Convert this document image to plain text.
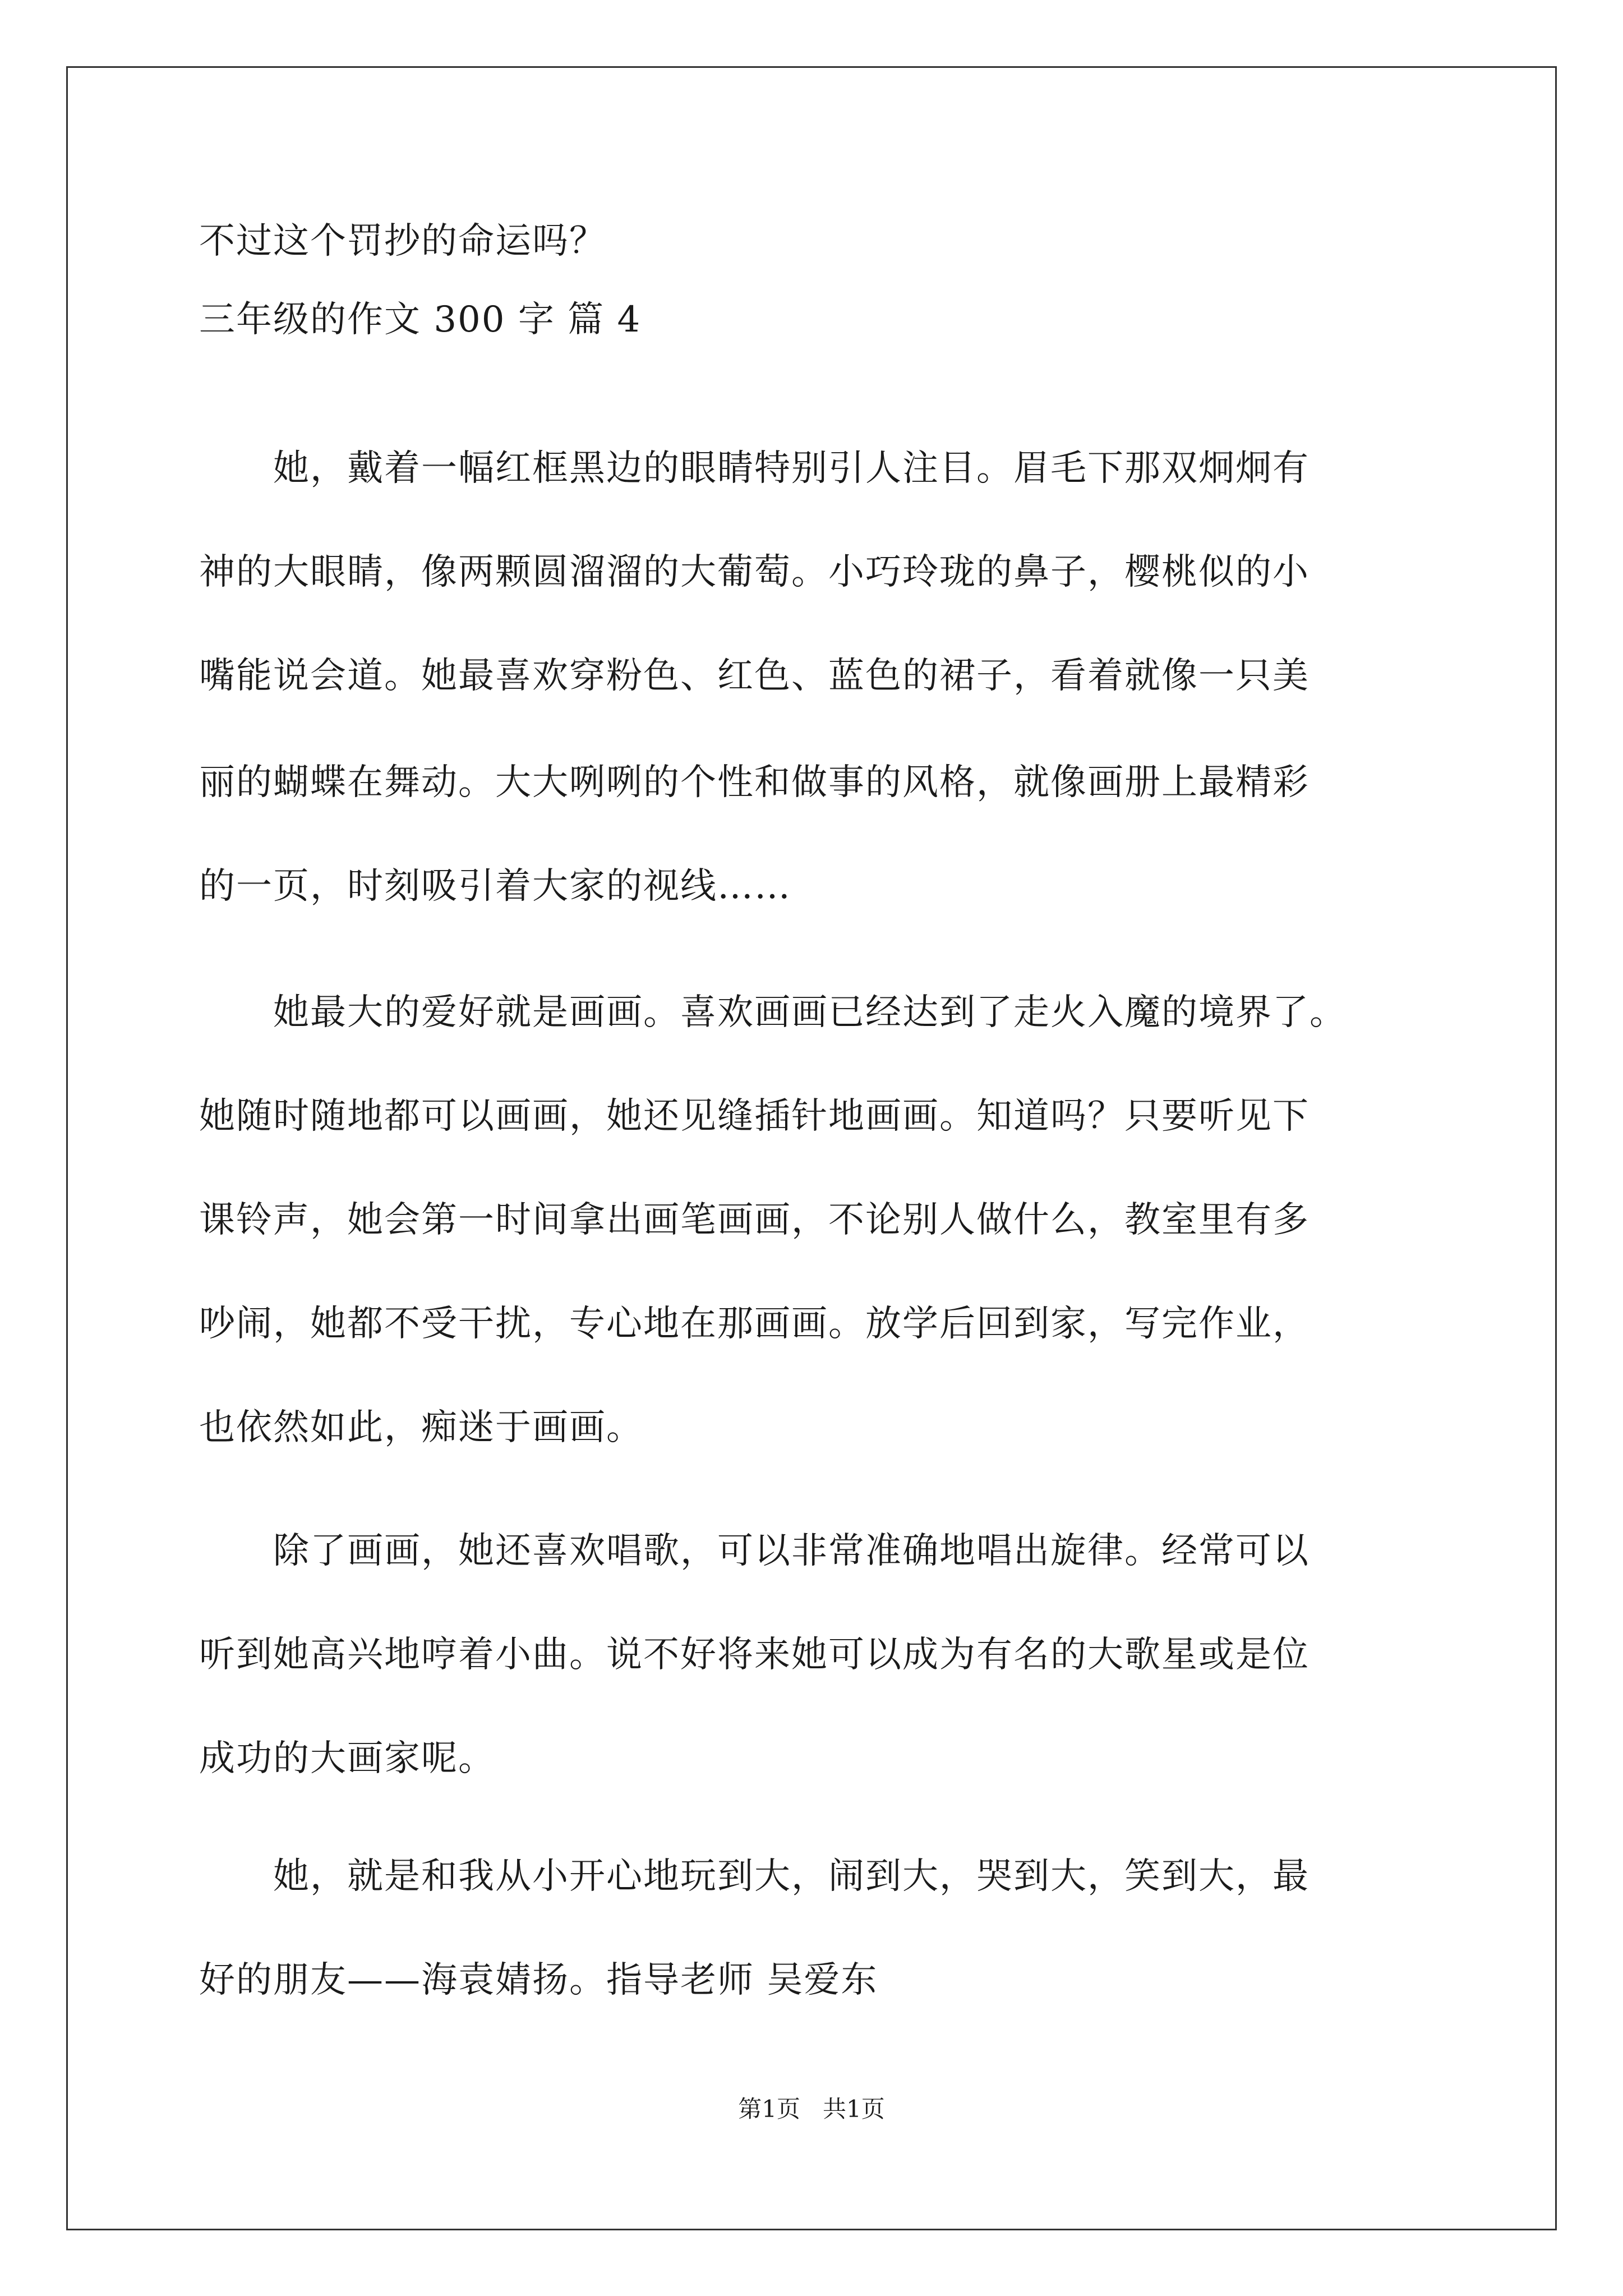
不过这个罚抄的命运吗？
三年级的作文 300 字 篇 4
　　她，戴着一幅红框黑边的眼睛特别引人注目。眉毛下那双炯炯有
神的大眼睛，像两颗圆溜溜的大葡萄。小巧玲珑的鼻子，樱桃似的小
嘴能说会道。她最喜欢穿粉色、红色、蓝色的裙子，看着就像一只美
丽的蝴蝶在舞动。大大咧咧的个性和做事的风格，就像画册上最精彩
的一页，时刻吸引着大家的视线……
　　她最大的爱好就是画画。喜欢画画已经达到了走火入魔的境界了。
她随时随地都可以画画，她还见缝插针地画画。知道吗？只要听见下
课铃声，她会第一时间拿出画笔画画，不论别人做什么，教室里有多
吵闹，她都不受干扰，专心地在那画画。放学后回到家，写完作业，
也依然如此，痴迷于画画。
　　除了画画，她还喜欢唱歌，可以非常准确地唱出旋律。经常可以
听到她高兴地哼着小曲。说不好将来她可以成为有名的大歌星或是位
成功的大画家呢。
　　她，就是和我从小开心地玩到大，闹到大，哭到大，笑到大，最
好的朋友——海袁婧扬。指导老师 吴爱东
第1页   共1页
